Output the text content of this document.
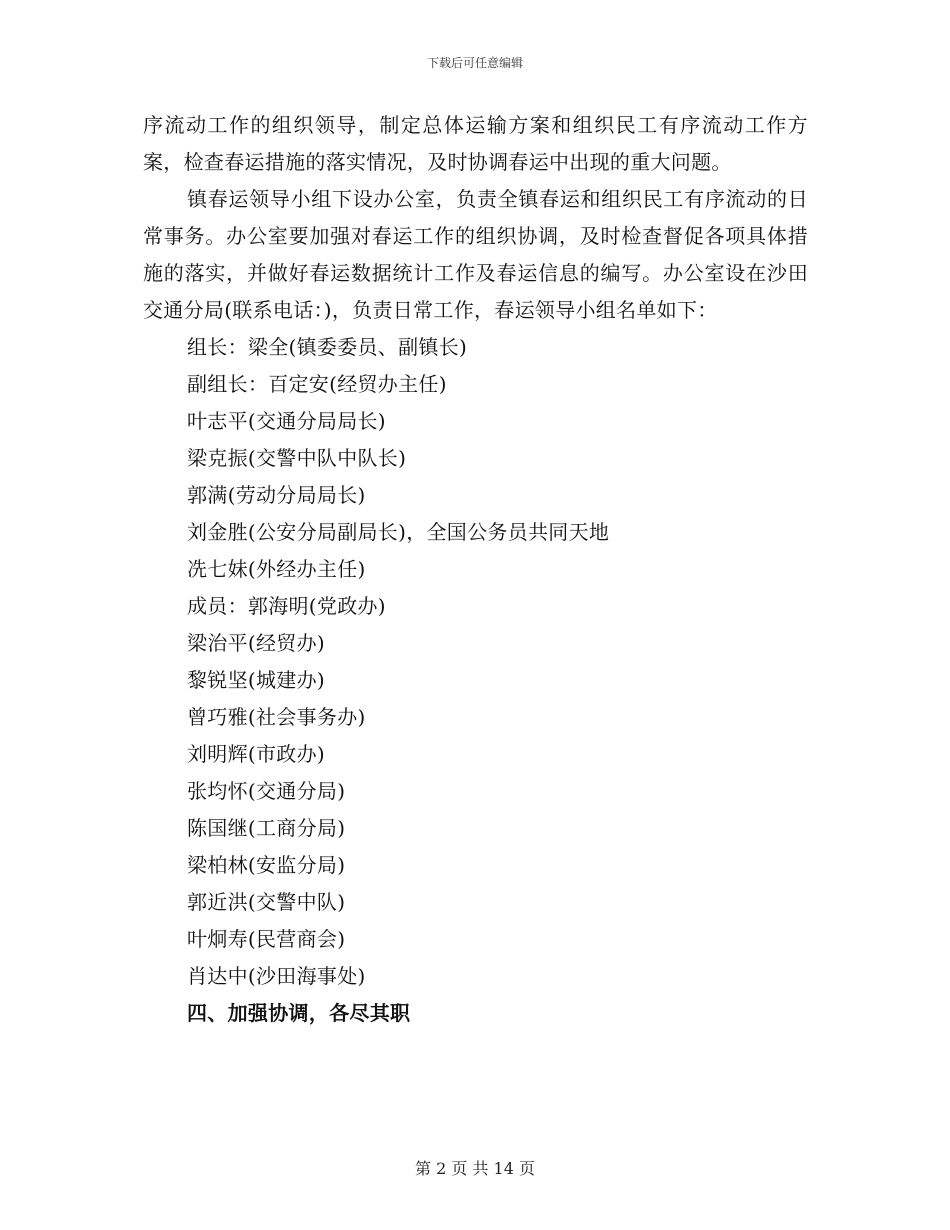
下载后可任意编辑

序流动工作的组织领导，制定总体运输方案和组织民工有序流动工作方案，检查春运措施的落实情况，及时协调春运中出现的重大问题。

镇春运领导小组下设办公室，负责全镇春运和组织民工有序流动的日常事务。办公室要加强对春运工作的组织协调，及时检查督促各项具体措施的落实，并做好春运数据统计工作及春运信息的编写。办公室设在沙田交通分局(联系电话：)，负责日常工作，春运领导小组名单如下：

组长：梁全(镇委委员、副镇长)

副组长：百定安(经贸办主任)

叶志平(交通分局局长)

梁克振(交警中队中队长)

郭满(劳动分局局长)

刘金胜(公安分局副局长)，全国公务员共同天地

冼七妹(外经办主任)

成员：郭海明(党政办)

梁治平(经贸办)

黎锐坚(城建办)

曾巧雅(社会事务办)

刘明辉(市政办)

张均怀(交通分局)

陈国继(工商分局)

梁柏林(安监分局)

郭近洪(交警中队)

叶炯寿(民营商会)

肖达中(沙田海事处)

四、加强协调，各尽其职

第 2 页 共 14 页
